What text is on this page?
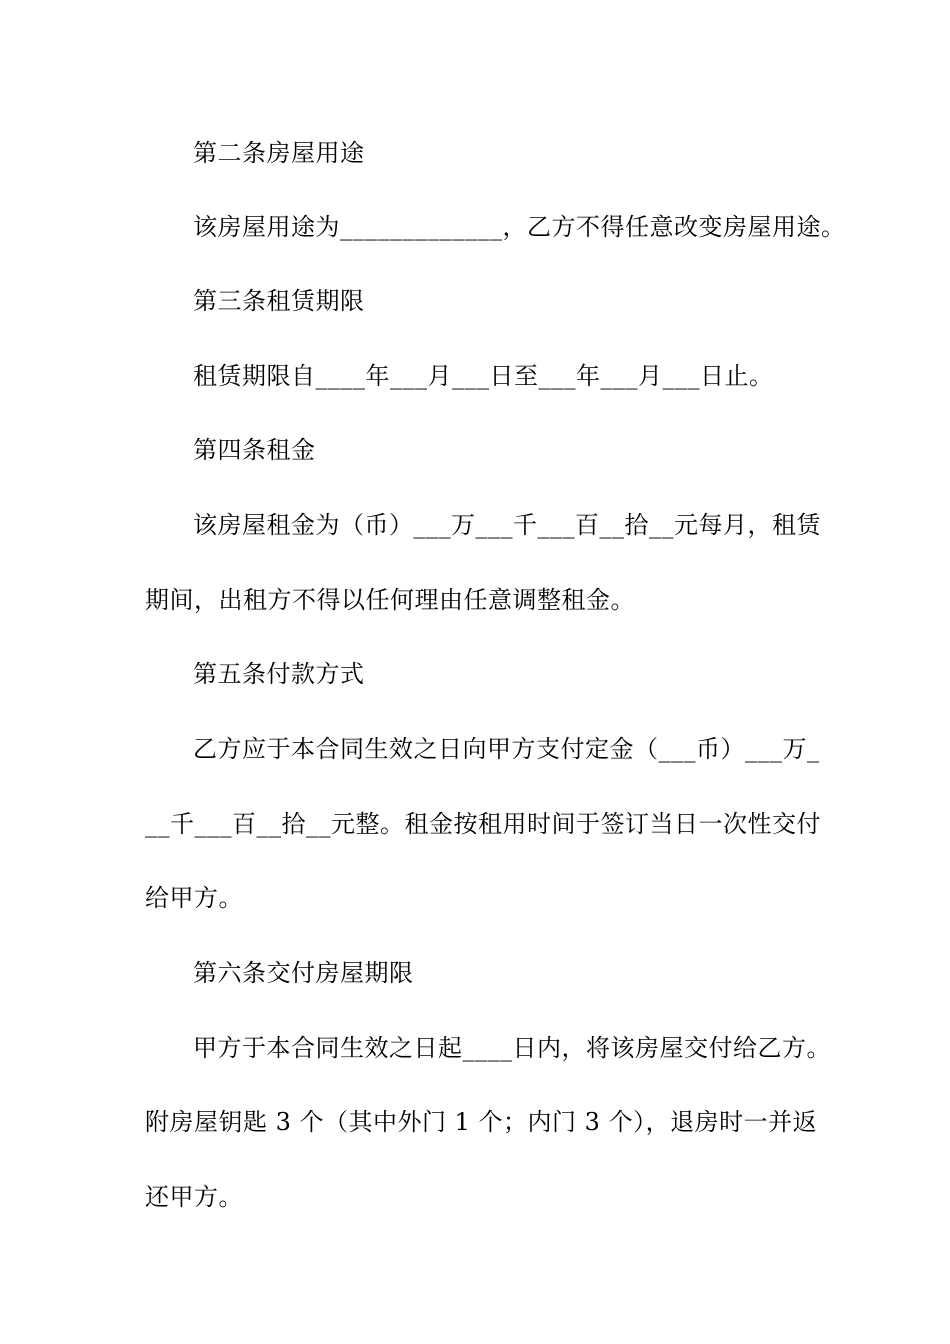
第二条房屋用途
该房屋用途为_____________，乙方不得任意改变房屋用途。
第三条租赁期限
租赁期限自____年___月___日至___年___月___日止。
第四条租金
该房屋租金为（币）___万___千___百__拾__元每月，租赁
期间，出租方不得以任何理由任意调整租金。
第五条付款方式
乙方应于本合同生效之日向甲方支付定金（___币）___万_
__千___百__拾__元整。租金按租用时间于签订当日一次性交付
给甲方。
第六条交付房屋期限
甲方于本合同生效之日起____日内，将该房屋交付给乙方。
附房屋钥匙 3 个（其中外门 1 个；内门 3 个），退房时一并返
还甲方。
